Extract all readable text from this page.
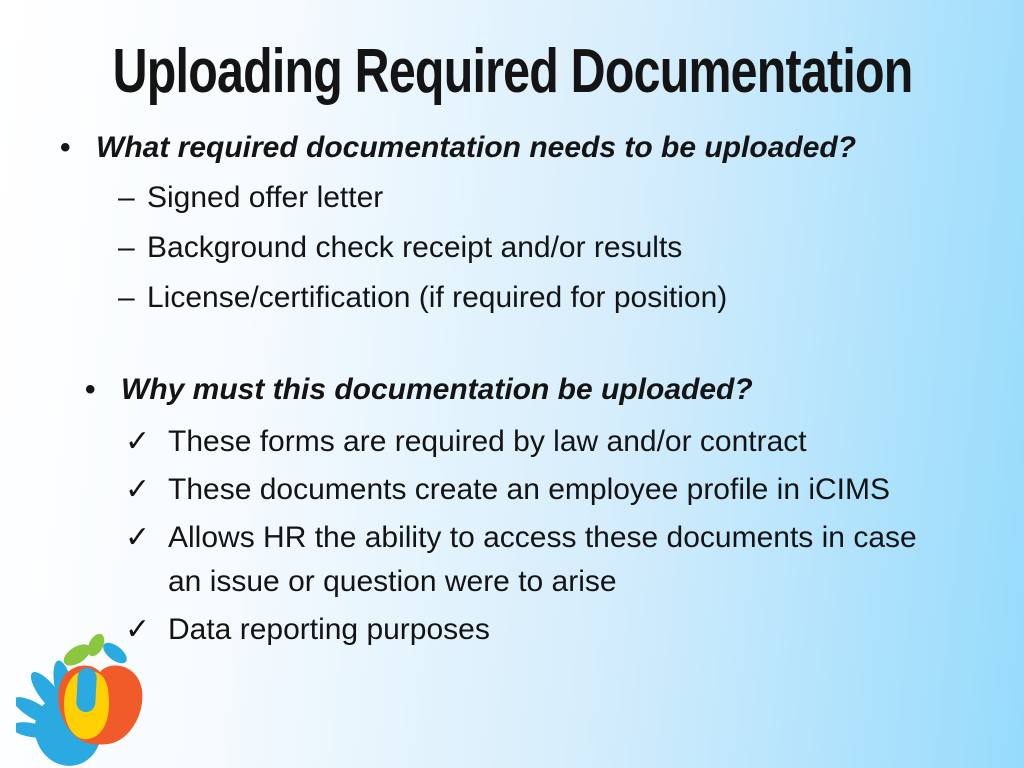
Uploading Required Documentation
• What required documentation needs to be uploaded?
– Signed offer letter
– Background check receipt and/or results
– License/certification (if required for position)
• Why must this documentation be uploaded?
✓ These forms are required by law and/or contract
✓ These documents create an employee profile in iCIMS
✓ Allows HR the ability to access these documents in case
an issue or question were to arise
✓ Data reporting purposes
